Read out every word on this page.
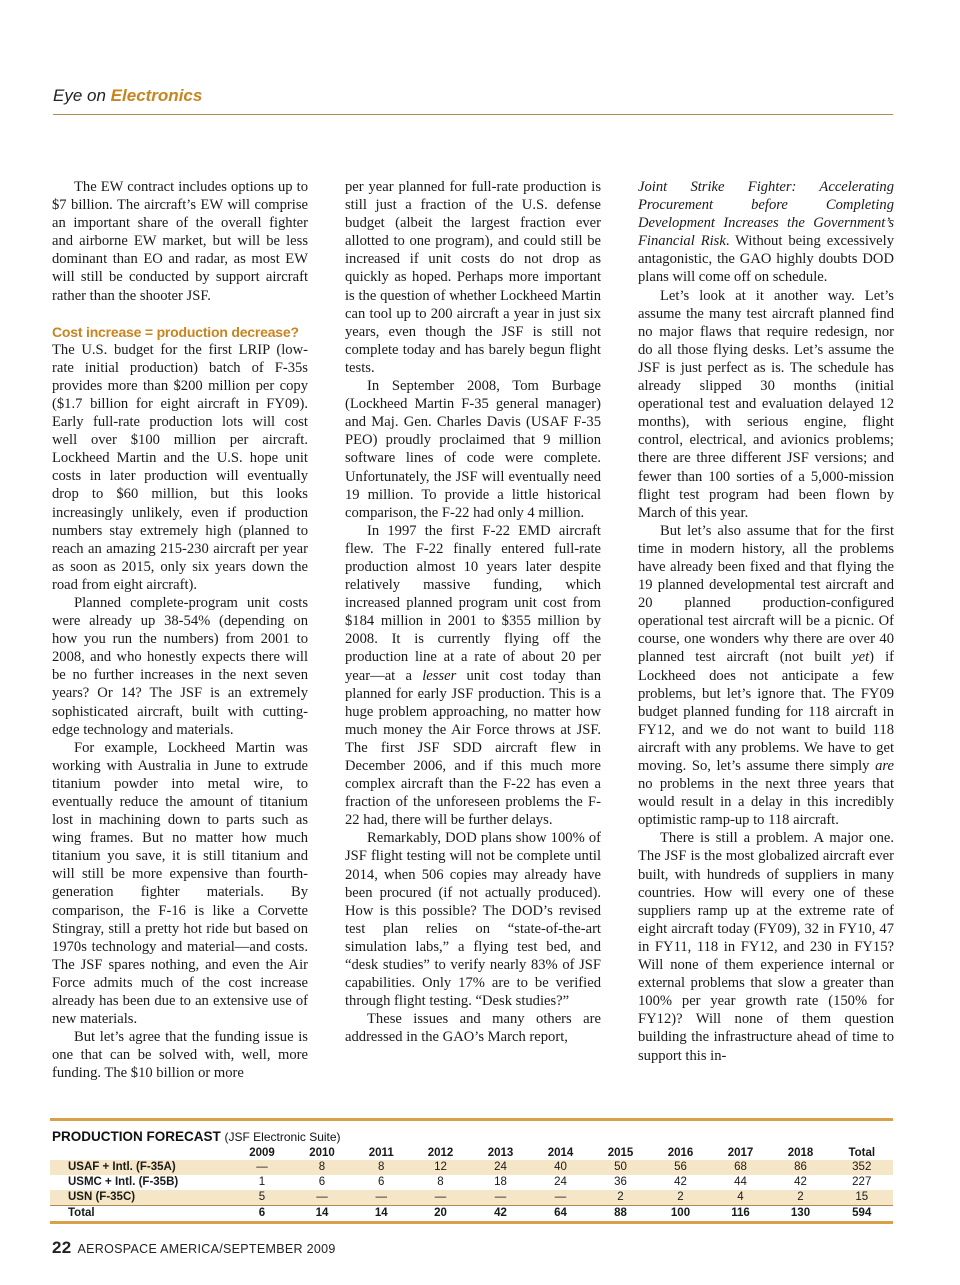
Eye on Electronics

The EW contract includes options up to $7 billion. The aircraft’s EW will comprise an important share of the overall fighter and airborne EW market, but will be less dominant than EO and radar, as most EW will still be conducted by support aircraft rather than the shooter JSF.

Cost increase = production decrease?

The U.S. budget for the first LRIP (low-rate initial production) batch of F-35s provides more than $200 million per copy ($1.7 billion for eight aircraft in FY09). Early full-rate production lots will cost well over $100 million per aircraft. Lockheed Martin and the U.S. hope unit costs in later production will eventually drop to $60 million, but this looks increasingly unlikely, even if production numbers stay extremely high (planned to reach an amazing 215-230 aircraft per year as soon as 2015, only six years down the road from eight aircraft).

Planned complete-program unit costs were already up 38-54% (depending on how you run the numbers) from 2001 to 2008, and who honestly expects there will be no further increases in the next seven years? Or 14? The JSF is an extremely sophisticated aircraft, built with cutting-edge technology and materials.

For example, Lockheed Martin was working with Australia in June to extrude titanium powder into metal wire, to eventually reduce the amount of titanium lost in machining down to parts such as wing frames. But no matter how much titanium you save, it is still titanium and will still be more expensive than fourth-generation fighter materials. By comparison, the F-16 is like a Corvette Stingray, still a pretty hot ride but based on 1970s technology and material—and costs. The JSF spares nothing, and even the Air Force admits much of the cost increase already has been due to an extensive use of new materials.

But let’s agree that the funding issue is one that can be solved with, well, more funding. The $10 billion or more

per year planned for full-rate production is still just a fraction of the U.S. defense budget (albeit the largest fraction ever allotted to one program), and could still be increased if unit costs do not drop as quickly as hoped. Perhaps more important is the question of whether Lockheed Martin can tool up to 200 aircraft a year in just six years, even though the JSF is still not complete today and has barely begun flight tests.

In September 2008, Tom Burbage (Lockheed Martin F-35 general manager) and Maj. Gen. Charles Davis (USAF F-35 PEO) proudly proclaimed that 9 million software lines of code were complete. Unfortunately, the JSF will eventually need 19 million. To provide a little historical comparison, the F-22 had only 4 million.

In 1997 the first F-22 EMD aircraft flew. The F-22 finally entered full-rate production almost 10 years later despite relatively massive funding, which increased planned program unit cost from $184 million in 2001 to $355 million by 2008. It is currently flying off the production line at a rate of about 20 per year—at a lesser unit cost today than planned for early JSF production. This is a huge problem approaching, no matter how much money the Air Force throws at JSF. The first JSF SDD aircraft flew in December 2006, and if this much more complex aircraft than the F-22 has even a fraction of the unforeseen problems the F-22 had, there will be further delays.

Remarkably, DOD plans show 100% of JSF flight testing will not be complete until 2014, when 506 copies may already have been procured (if not actually produced). How is this possible? The DOD’s revised test plan relies on “state-of-the-art simulation labs,” a flying test bed, and “desk studies” to verify nearly 83% of JSF capabilities. Only 17% are to be verified through flight testing. “Desk studies?”

These issues and many others are addressed in the GAO’s March report,

Joint Strike Fighter: Accelerating Procurement before Completing Development Increases the Government’s Financial Risk. Without being excessively antagonistic, the GAO highly doubts DOD plans will come off on schedule.

Let’s look at it another way. Let’s assume the many test aircraft planned find no major flaws that require redesign, nor do all those flying desks. Let’s assume the JSF is just perfect as is. The schedule has already slipped 30 months (initial operational test and evaluation delayed 12 months), with serious engine, flight control, electrical, and avionics problems; there are three different JSF versions; and fewer than 100 sorties of a 5,000-mission flight test program had been flown by March of this year.

But let’s also assume that for the first time in modern history, all the problems have already been fixed and that flying the 19 planned developmental test aircraft and 20 planned production-configured operational test aircraft will be a picnic. Of course, one wonders why there are over 40 planned test aircraft (not built yet) if Lockheed does not anticipate a few problems, but let’s ignore that. The FY09 budget planned funding for 118 aircraft in FY12, and we do not want to build 118 aircraft with any problems. We have to get moving. So, let’s assume there simply are no problems in the next three years that would result in a delay in this incredibly optimistic ramp-up to 118 aircraft.

There is still a problem. A major one. The JSF is the most globalized aircraft ever built, with hundreds of suppliers in many countries. How will every one of these suppliers ramp up at the extreme rate of eight aircraft today (FY09), 32 in FY10, 47 in FY11, 118 in FY12, and 230 in FY15? Will none of them experience internal or external problems that slow a greater than 100% per year growth rate (150% for FY12)? Will none of them question building the infrastructure ahead of time to support this in-

PRODUCTION FORECAST (JSF Electronic Suite)
	2009	2010	2011	2012	2013	2014	2015	2016	2017	2018	Total
USAF + Intl. (F-35A)	—	8	8	12	24	40	50	56	68	86	352
USMC + Intl. (F-35B)	1	6	6	8	18	24	36	42	44	42	227
USN (F-35C)	5	—	—	—	—	—	2	2	4	2	15
Total	6	14	14	20	42	64	88	100	116	130	594
22 AEROSPACE AMERICA/SEPTEMBER 2009
